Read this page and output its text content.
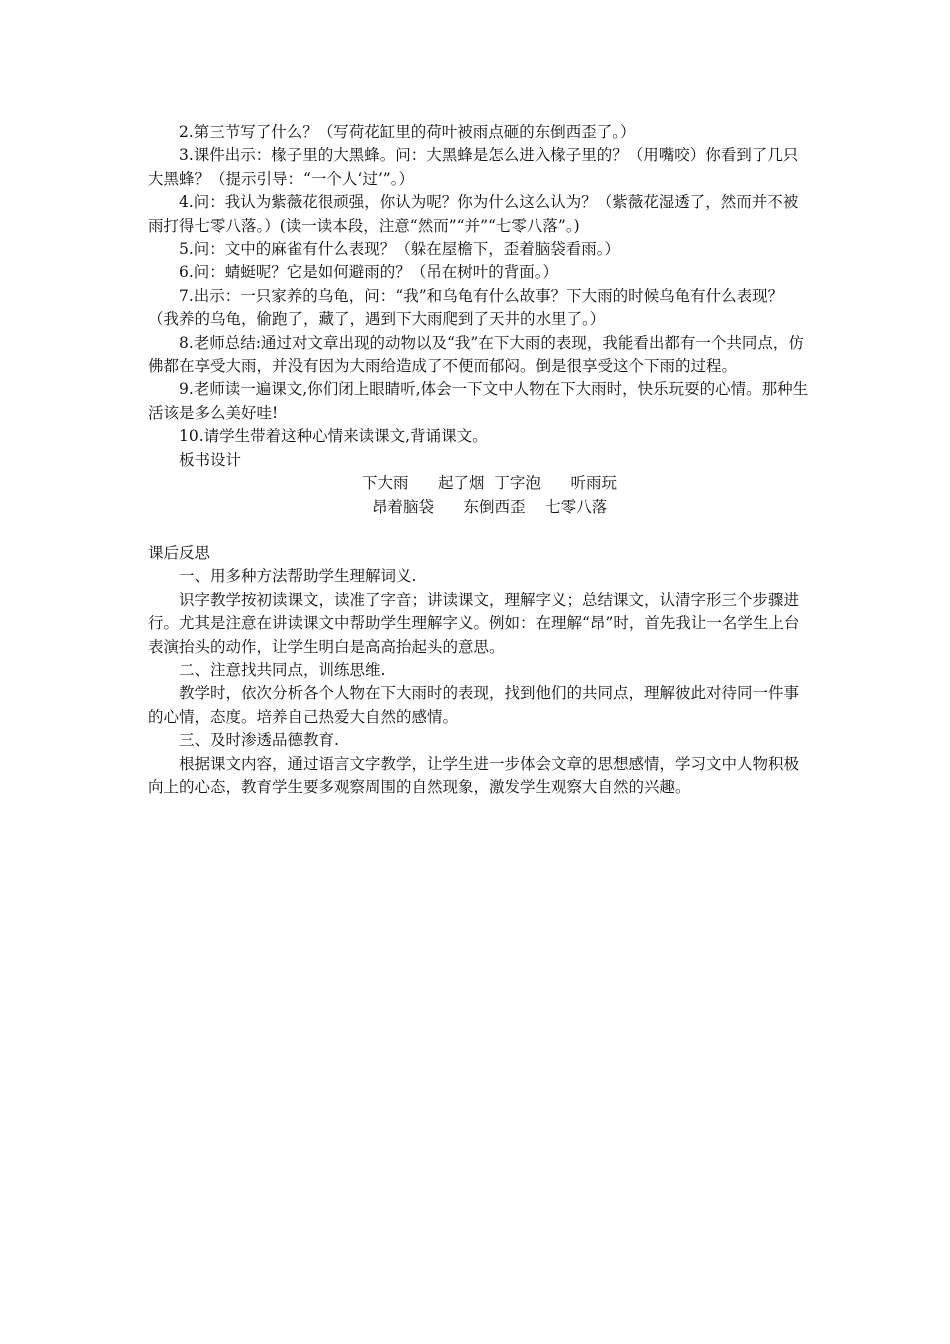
2.第三节写了什么？（写荷花缸里的荷叶被雨点砸的东倒西歪了。）

3.课件出示：椽子里的大黑蜂。问：大黑蜂是怎么进入椽子里的？（用嘴咬）你看到了几只大黑蜂？（提示引导：“一个人‘过’”。）

4.问：我认为紫薇花很顽强，你认为呢？你为什么这么认为？（紫薇花湿透了，然而并不被雨打得七零八落。）(读一读本段，注意“然而”“并”“七零八落”。)

5.问：文中的麻雀有什么表现？（躲在屋檐下，歪着脑袋看雨。）

6.问：蜻蜓呢？它是如何避雨的？（吊在树叶的背面。）

7.出示：一只家养的乌龟，问：“我”和乌龟有什么故事？下大雨的时候乌龟有什么表现？（我养的乌龟，偷跑了，藏了，遇到下大雨爬到了天井的水里了。）

8.老师总结:通过对文章出现的动物以及“我”在下大雨的表现，我能看出都有一个共同点，仿佛都在享受大雨，并没有因为大雨给造成了不便而郁闷。倒是很享受这个下雨的过程。

9.老师读一遍课文,你们闭上眼睛听,体会一下文中人物在下大雨时，快乐玩耍的心情。那种生活该是多么美好哇!

10.请学生带着这种心情来读课文,背诵课文。

板书设计

下大雨      起了烟  丁字泡      听雨玩
昂着脑袋      东倒西歪    七零八落

课后反思

一、用多种方法帮助学生理解词义.

识字教学按初读课文，读准了字音；讲读课文，理解字义；总结课文，认清字形三个步骤进行。尤其是注意在讲读课文中帮助学生理解字义。例如：在理解“昂”时，首先我让一名学生上台表演抬头的动作，让学生明白是高高抬起头的意思。

二、注意找共同点，训练思维.

教学时，依次分析各个人物在下大雨时的表现，找到他们的共同点，理解彼此对待同一件事的心情，态度。培养自己热爱大自然的感情。

三、及时渗透品德教育.

根据课文内容，通过语言文字教学，让学生进一步体会文章的思想感情，学习文中人物积极向上的心态，教育学生要多观察周围的自然现象，激发学生观察大自然的兴趣。
